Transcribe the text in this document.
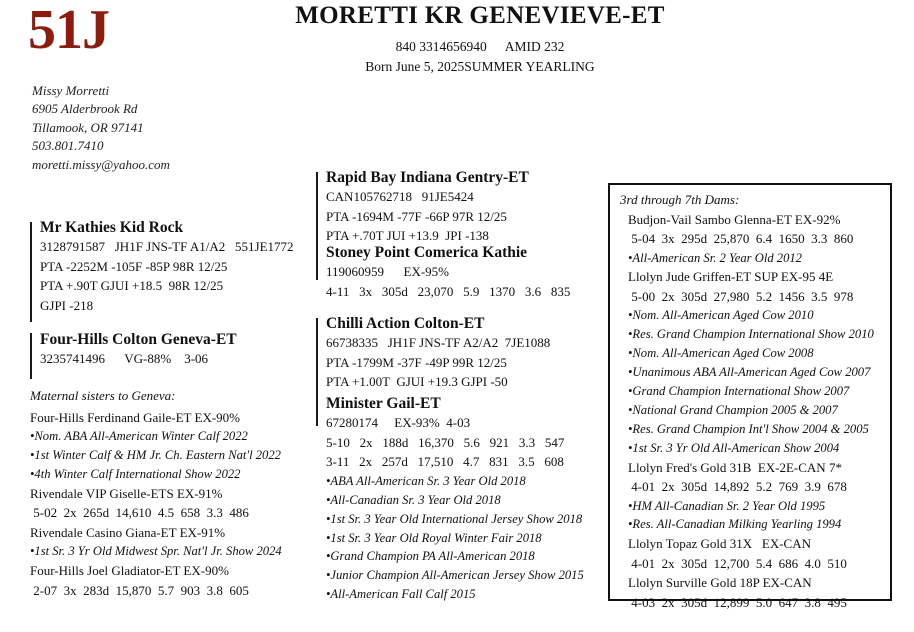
51J	MORETTI KR GENEVIEVE-ET
840 3314656940 AMID 232
Born June 5, 2025SUMMER YEARLING
Missy Morretti
6905 Alderbrook Rd
Tillamook, OR 97141
503.801.7410
moretti.missy@yahoo.com
Mr Kathies Kid Rock
3128791587   JH1F JNS-TF A1/A2   551JE1772
PTA -2252M -105F -85P 98R 12/25
PTA +.90T GJUI +18.5  98R 12/25
GJPI -218
Four-Hills Colton Geneva-ET
3235741496      VG-88%    3-06
Maternal sisters to Geneva:
Four-Hills Ferdinand Gaile-ET EX-90%
•Nom. ABA All-American Winter Calf 2022
•1st Winter Calf & HM Jr. Ch. Eastern Nat'l 2022
•4th Winter Calf International Show 2022
Rivendale VIP Giselle-ETS EX-91%
5-02  2x  265d  14,610  4.5  658  3.3  486
Rivendale Casino Giana-ET EX-91%
•1st Sr. 3 Yr Old Midwest Spr. Nat'l Jr. Show 2024
Four-Hills Joel Gladiator-ET EX-90%
2-07  3x  283d  15,870  5.7  903  3.8  605
Rapid Bay Indiana Gentry-ET
CAN105762718   91JE5424
PTA -1694M -77F -66P 97R 12/25
PTA +.70T JUI +13.9  JPI -138
Stoney Point Comerica Kathie
119060959      EX-95%
4-11   3x   305d   23,070   5.9   1370   3.6   835
Chilli Action Colton-ET
66738335   JH1F JNS-TF A2/A2  7JE1088
PTA -1799M -37F -49P 99R 12/25
PTA +1.00T  GJUI +19.3 GJPI -50
Minister Gail-ET
67280174     EX-93%  4-03
5-10   2x   188d   16,370   5.6   921   3.3   547
3-11   2x   257d   17,510   4.7   831   3.5   608
•ABA All-American Sr. 3 Year Old 2018
•All-Canadian Sr. 3 Year Old 2018
•1st Sr. 3 Year Old International Jersey Show 2018
•1st Sr. 3 Year Old Royal Winter Fair 2018
•Grand Champion PA All-American 2018
•Junior Champion All-American Jersey Show 2015
•All-American Fall Calf 2015
3rd through 7th Dams:
Budjon-Vail Sambo Glenna-ET EX-92%
5-04  3x  295d  25,870  6.4  1650  3.3  860
•All-American Sr. 2 Year Old 2012
Llolyn Jude Griffen-ET SUP EX-95 4E
5-00  2x  305d  27,980  5.2  1456  3.5  978
•Nom. All-American Aged Cow 2010
•Res. Grand Champion International Show 2010
•Nom. All-American Aged Cow 2008
•Unanimous ABA All-American Aged Cow 2007
•Grand Champion International Show 2007
•National Grand Champion 2005 & 2007
•Res. Grand Champion Int'l Show 2004 & 2005
•1st Sr. 3 Yr Old All-American Show 2004
Llolyn Fred's Gold 31B  EX-2E-CAN 7*
4-01  2x  305d  14,892  5.2  769  3.9  678
•HM All-Canadian Sr. 2 Year Old 1995
•Res. All-Canadian Milking Yearling 1994
Llolyn Topaz Gold 31X   EX-CAN
4-01  2x  305d  12,700  5.4  686  4.0  510
Llolyn Surville Gold 18P EX-CAN
4-03  2x  305d  12,899  5.0  647  3.8  495
